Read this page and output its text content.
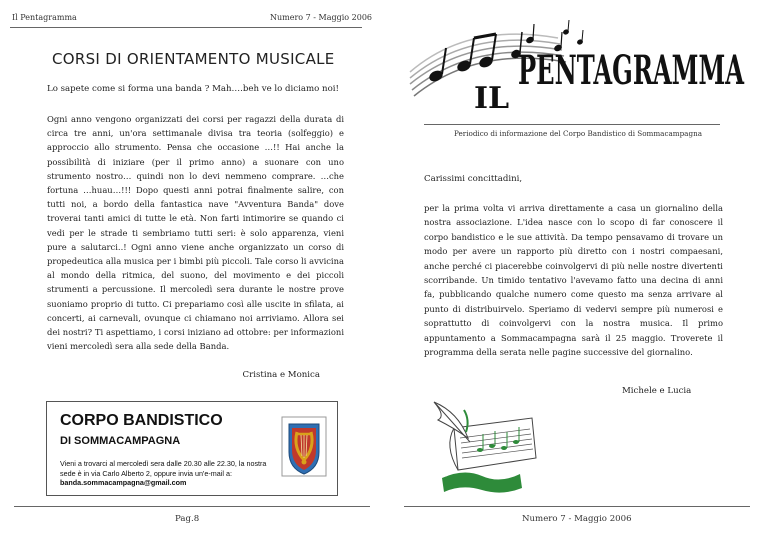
Il Pentagramma	Numero 7 - Maggio 2006
CORSI DI ORIENTAMENTO MUSICALE
Lo sapete come si forma una banda ? Mah….beh ve lo diciamo noi!
Ogni anno vengono organizzati dei corsi per ragazzi della durata di circa tre anni, un'ora settimanale divisa tra teoria (solfeggio) e approccio allo strumento. Pensa che occasione …!! Hai anche la possibilità di iniziare (per il primo anno) a suonare con uno strumento nostro… quindi non lo devi nemmeno comprare. …che fortuna …huau…!!! Dopo questi anni potrai finalmente salire, con tutti noi, a bordo della fantastica nave "Avventura Banda" dove troverai tanti amici di tutte le età. Non farti intimorire se quando ci vedi per le strade ti sembriamo tutti seri: è solo apparenza, vieni pure a salutarci..! Ogni anno viene anche organizzato un corso di propedeutica alla musica per i bimbi più piccoli. Tale corso li avvicina al mondo della ritmica, del suono, del movimento e dei piccoli strumenti a percussione. Il mercoledì sera durante le nostre prove suoniamo proprio di tutto. Ci prepariamo così alle uscite in sfilata, ai concerti, ai carnevali, ovunque ci chiamano noi arriviamo. Allora sei dei nostri? Ti aspettiamo, i corsi iniziano ad ottobre: per informazioni vieni mercoledì sera alla sede della Banda.
Cristina e Monica
CORPO BANDISTICO
DI SOMMACAMPAGNA
Vieni a trovarci al mercoledì sera dalle 20.30 alle 22.30, la nostra sede è in via Carlo Alberto 2, oppure invia un'e-mail a: banda.sommacampagna@gmail.com
Pag.8
IL
PENTAGRAMMA
Periodico di informazione del Corpo Bandistico di Sommacampagna
Carissimi concittadini,
per la prima volta vi arriva direttamente a casa un giornalino della nostra associazione. L'idea nasce con lo scopo di far conoscere il corpo bandistico e le sue attività. Da tempo pensavamo di trovare un modo per avere un rapporto più diretto con i nostri compaesani, anche perché ci piacerebbe coinvolgervi di più nelle nostre divertenti scorribande. Un timido tentativo l'avevamo fatto una decina di anni fa, pubblicando qualche numero come questo ma senza arrivare al punto di distribuirvelo. Speriamo di vedervi sempre più numerosi e soprattutto di coinvolgervi con la nostra musica. Il primo appuntamento a Sommacampagna sarà il 25 maggio. Troverete il programma della serata nelle pagine successive del giornalino.
Michele e Lucia
Numero 7 - Maggio 2006
